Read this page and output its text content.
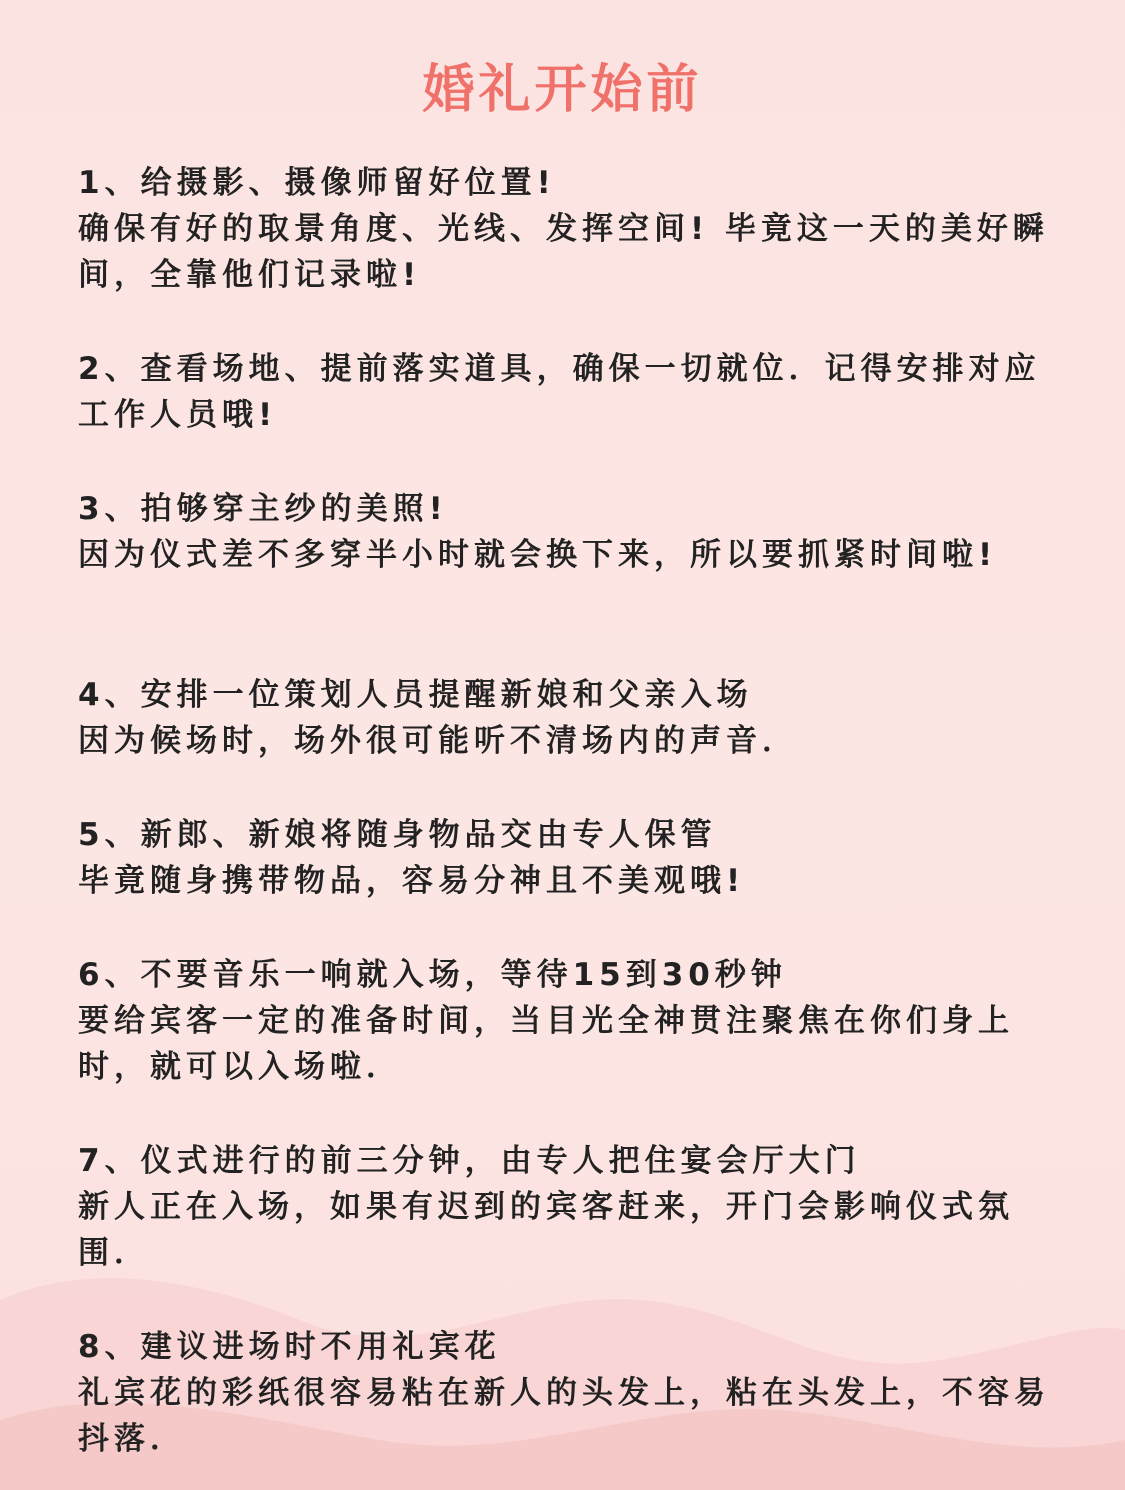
婚礼开始前
1、给摄影、摄像师留好位置!
确保有好的取景角度、光线、发挥空间! 毕竟这一天的美好瞬间，全靠他们记录啦!
2、查看场地、提前落实道具，确保一切就位．记得安排对应工作人员哦!
3、拍够穿主纱的美照!
因为仪式差不多穿半小时就会换下来，所以要抓紧时间啦!
4、安排一位策划人员提醒新娘和父亲入场
因为候场时，场外很可能听不清场内的声音．
5、新郎、新娘将随身物品交由专人保管
毕竟随身携带物品，容易分神且不美观哦!
6、不要音乐一响就入场，等待15到30秒钟
要给宾客一定的准备时间，当目光全神贯注聚焦在你们身上时，就可以入场啦．
7、仪式进行的前三分钟，由专人把住宴会厅大门
新人正在入场，如果有迟到的宾客赶来，开门会影响仪式氛围．
8、建议进场时不用礼宾花
礼宾花的彩纸很容易粘在新人的头发上，粘在头发上，不容易抖落．
